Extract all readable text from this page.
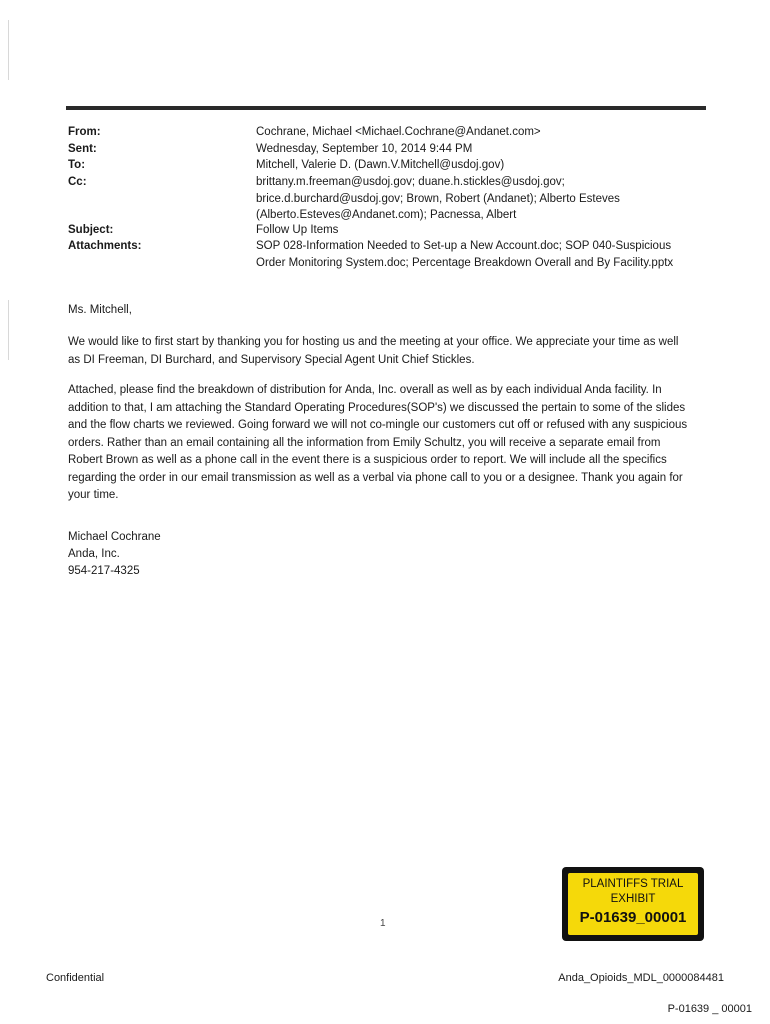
From:
Sent:
To:
Cc:
Subject:
Attachments:
Cochrane, Michael <Michael.Cochrane@Andanet.com>
Wednesday, September 10, 2014 9:44 PM
Mitchell, Valerie D. (Dawn.V.Mitchell@usdoj.gov)
brittany.m.freeman@usdoj.gov; duane.h.stickles@usdoj.gov;
brice.d.burchard@usdoj.gov; Brown, Robert (Andanet); Alberto Esteves
(Alberto.Esteves@Andanet.com); Pacnessa, Albert
Follow Up Items
SOP 028-Information Needed to Set-up a New Account.doc; SOP 040-Suspicious
Order Monitoring System.doc; Percentage Breakdown Overall and By Facility.pptx

Ms. Mitchell,

We would like to first start by thanking you for hosting us and the meeting at your office. We appreciate your time as well as DI Freeman, DI Burchard, and Supervisory Special Agent Unit Chief Stickles.

Attached, please find the breakdown of distribution for Anda, Inc. overall as well as by each individual Anda facility. In addition to that, I am attaching the Standard Operating Procedures(SOP's) we discussed the pertain to some of the slides and the flow charts we reviewed. Going forward we will not co-mingle our customers cut off or refused with any suspicious orders. Rather than an email containing all the information from Emily Schultz, you will receive a separate email from Robert Brown as well as a phone call in the event there is a suspicious order to report. We will include all the specifics regarding the order in our email transmission as well as a verbal via phone call to you or a designee. Thank you again for your time.

Michael Cochrane
Anda, Inc.
954-217-4325
1
PLAINTIFFS TRIAL
EXHIBIT
P-01639_00001
Confidential	Anda_Opioids_MDL_0000084481
P-01639 _ 00001
